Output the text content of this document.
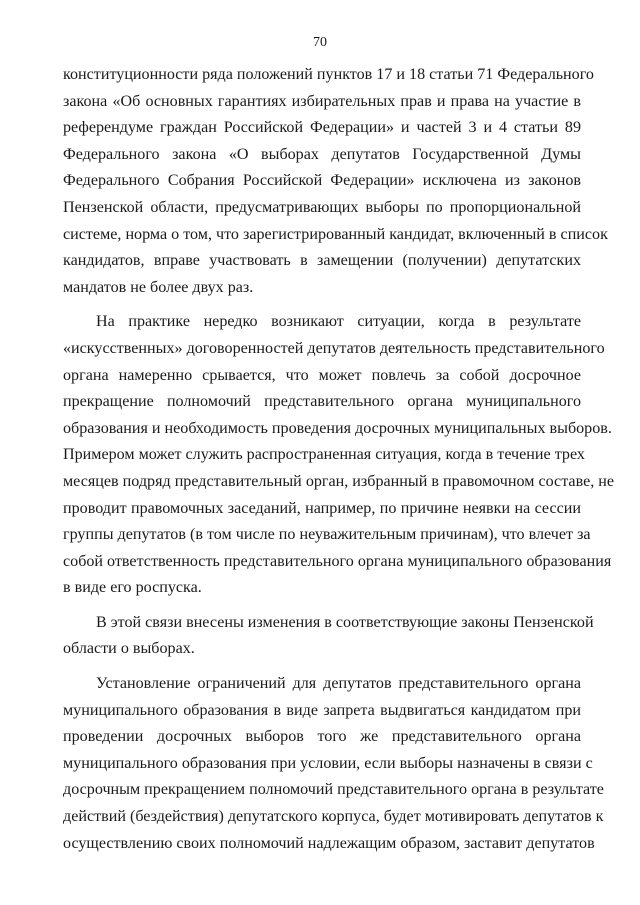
70

конституционности ряда положений пунктов 17 и 18 статьи 71 Федерального
закона «Об основных гарантиях избирательных прав и права на участие в
референдуме граждан Российской Федерации» и частей 3 и 4 статьи 89
Федерального закона «О выборах депутатов Государственной Думы
Федерального Собрания Российской Федерации» исключена из законов
Пензенской области, предусматривающих выборы по пропорциональной
системе, норма о том, что зарегистрированный кандидат, включенный в список
кандидатов, вправе участвовать в замещении (получении) депутатских
мандатов не более двух раз.

На практике нередко возникают ситуации, когда в результате
«искусственных» договоренностей депутатов деятельность представительного
органа намеренно срывается, что может повлечь за собой досрочное
прекращение полномочий представительного органа муниципального
образования и необходимость проведения досрочных муниципальных выборов.
Примером может служить распространенная ситуация, когда в течение трех
месяцев подряд представительный орган, избранный в правомочном составе, не
проводит правомочных заседаний, например, по причине неявки на сессии
группы депутатов (в том числе по неуважительным причинам), что влечет за
собой ответственность представительного органа муниципального образования
в виде его роспуска.

В этой связи внесены изменения в соответствующие законы Пензенской
области о выборах.

Установление ограничений для депутатов представительного органа
муниципального образования в виде запрета выдвигаться кандидатом при
проведении досрочных выборов того же представительного органа
муниципального образования при условии, если выборы назначены в связи с
досрочным прекращением полномочий представительного органа в результате
действий (бездействия) депутатского корпуса, будет мотивировать депутатов к
осуществлению своих полномочий надлежащим образом, заставит депутатов
